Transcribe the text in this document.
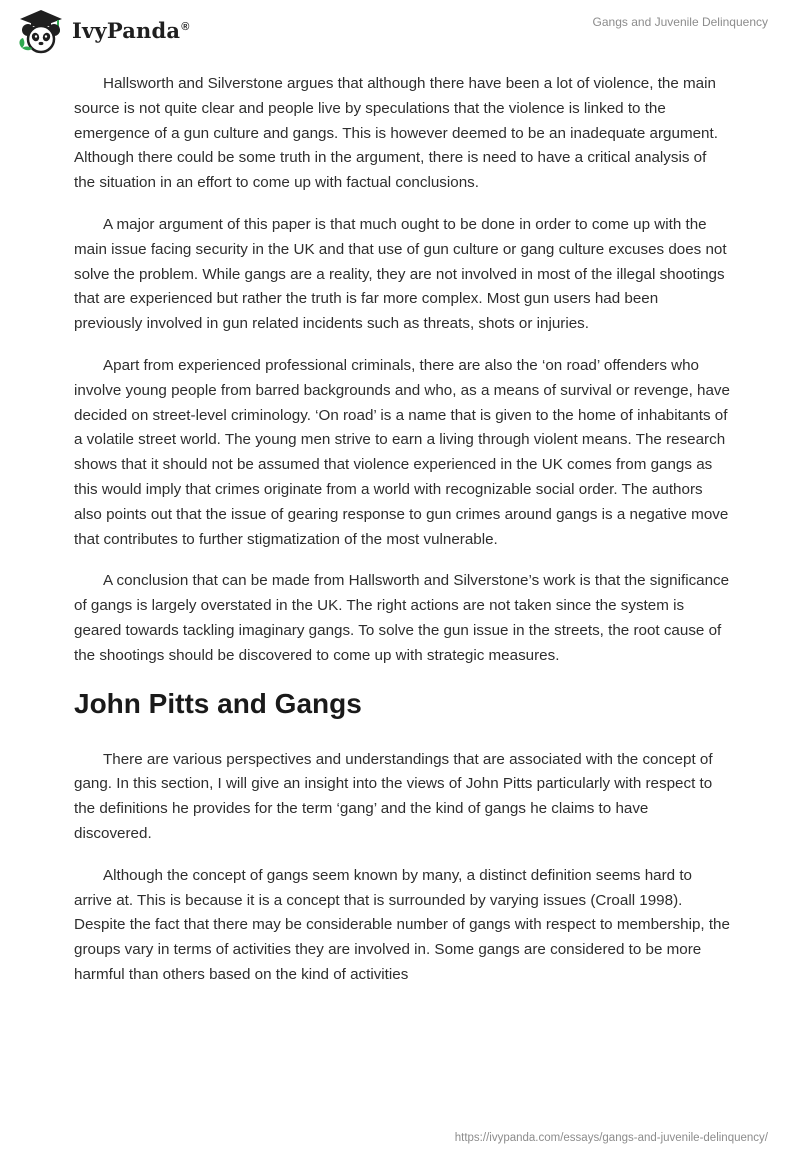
IvyPanda®	Gangs and Juvenile Delinquency

Hallsworth and Silverstone argues that although there have been a lot of violence, the main source is not quite clear and people live by speculations that the violence is linked to the emergence of a gun culture and gangs. This is however deemed to be an inadequate argument. Although there could be some truth in the argument, there is need to have a critical analysis of the situation in an effort to come up with factual conclusions.

A major argument of this paper is that much ought to be done in order to come up with the main issue facing security in the UK and that use of gun culture or gang culture excuses does not solve the problem. While gangs are a reality, they are not involved in most of the illegal shootings that are experienced but rather the truth is far more complex. Most gun users had been previously involved in gun related incidents such as threats, shots or injuries.

Apart from experienced professional criminals, there are also the ‘on road’ offenders who involve young people from barred backgrounds and who, as a means of survival or revenge, have decided on street-level criminology. ‘On road’ is a name that is given to the home of inhabitants of a volatile street world. The young men strive to earn a living through violent means. The research shows that it should not be assumed that violence experienced in the UK comes from gangs as this would imply that crimes originate from a world with recognizable social order. The authors also points out that the issue of gearing response to gun crimes around gangs is a negative move that contributes to further stigmatization of the most vulnerable.

A conclusion that can be made from Hallsworth and Silverstone’s work is that the significance of gangs is largely overstated in the UK. The right actions are not taken since the system is geared towards tackling imaginary gangs. To solve the gun issue in the streets, the root cause of the shootings should be discovered to come up with strategic measures.

John Pitts and Gangs

There are various perspectives and understandings that are associated with the concept of gang. In this section, I will give an insight into the views of John Pitts particularly with respect to the definitions he provides for the term ‘gang’ and the kind of gangs he claims to have discovered.

Although the concept of gangs seem known by many, a distinct definition seems hard to arrive at. This is because it is a concept that is surrounded by varying issues (Croall 1998). Despite the fact that there may be considerable number of gangs with respect to membership, the groups vary in terms of activities they are involved in. Some gangs are considered to be more harmful than others based on the kind of activities

https://ivypanda.com/essays/gangs-and-juvenile-delinquency/
